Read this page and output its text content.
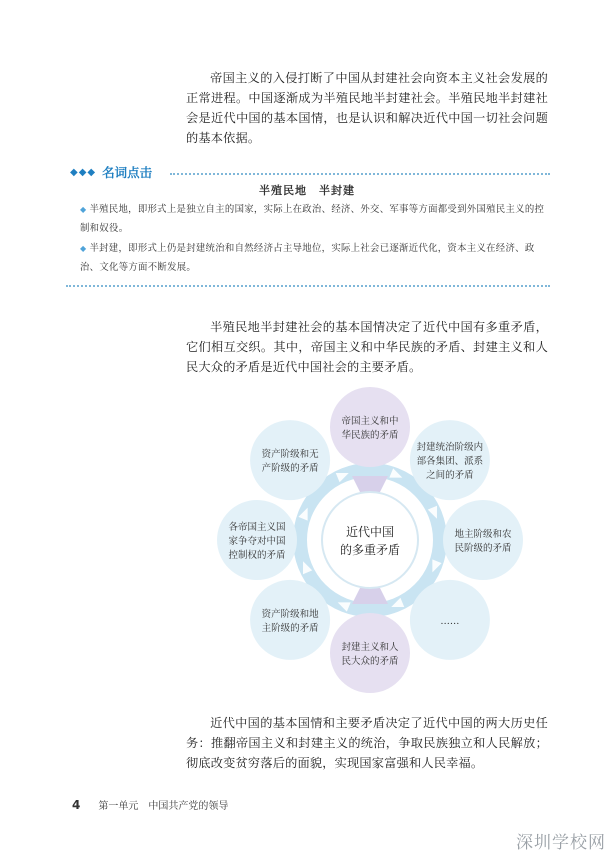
帝国主义的入侵打断了中国从封建社会向资本主义社会发展的正常进程。中国逐渐成为半殖民地半封建社会。半殖民地半封建社会是近代中国的基本国情，也是认识和解决近代中国一切社会问题的基本依据。

◆◆◆ 名词点击
半殖民地　半封建

◆ 半殖民地，即形式上是独立自主的国家，实际上在政治、经济、外交、军事等方面都受到外国殖民主义的控制和奴役。

◆ 半封建，即形式上仍是封建统治和自然经济占主导地位，实际上社会已逐渐近代化，资本主义在经济、政治、文化等方面不断发展。

半殖民地半封建社会的基本国情决定了近代中国有多重矛盾，它们相互交织。其中，帝国主义和中华民族的矛盾、封建主义和人民大众的矛盾是近代中国社会的主要矛盾。

近代中国
的多重矛盾
帝国主义和中
华民族的矛盾
封建统治阶级内
部各集团、派系
之间的矛盾
地主阶级和农
民阶级的矛盾
……
封建主义和人
民大众的矛盾
资产阶级和地
主阶级的矛盾
各帝国主义国
家争夺对中国
控制权的矛盾
资产阶级和无
产阶级的矛盾

近代中国的基本国情和主要矛盾决定了近代中国的两大历史任务：推翻帝国主义和封建主义的统治，争取民族独立和人民解放；彻底改变贫穷落后的面貌，实现国家富强和人民幸福。

4 第一单元　中国共产党的领导
深圳学校网
